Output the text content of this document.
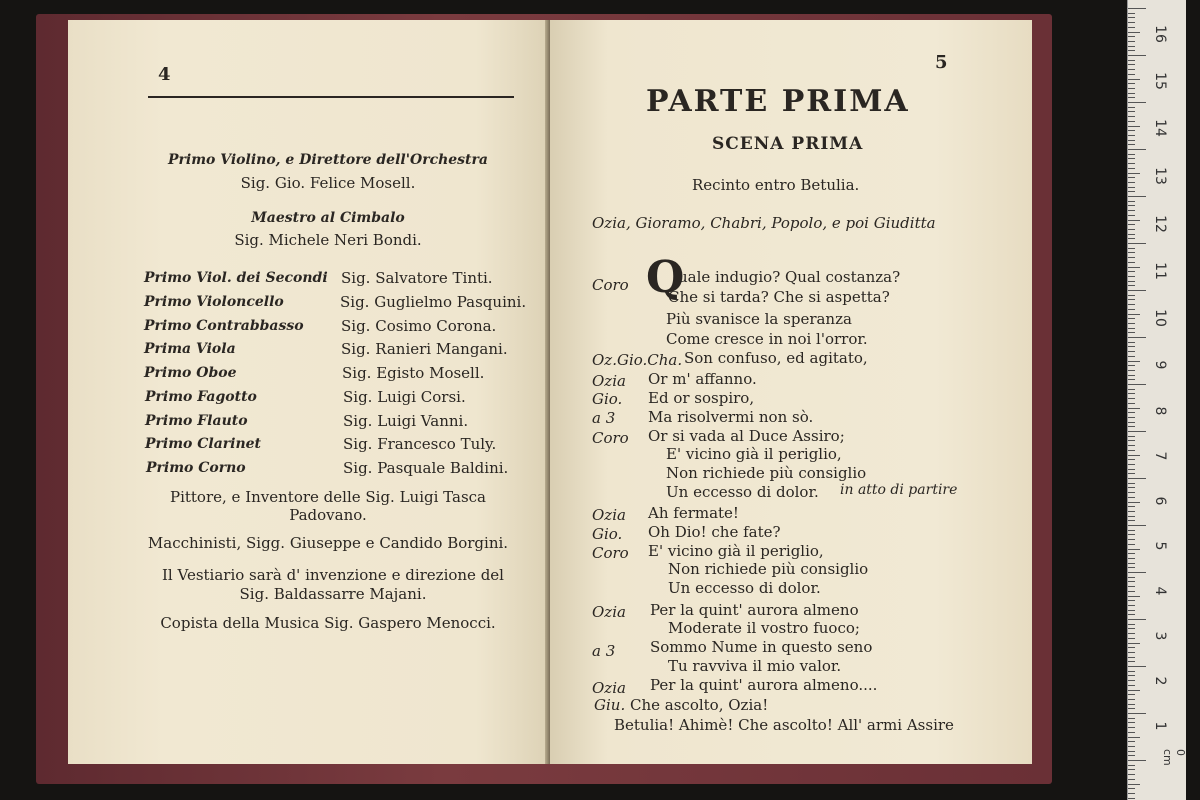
4
Primo Violino, e Direttore dell'Orchestra
Sig. Gio. Felice Mosell.
Maestro al Cimbalo
Sig. Michele Neri Bondi.
Primo Viol. dei Secondi Sig. Salvatore Tinti.
Primo Violoncello	Sig. Guglielmo Pasquini.
Primo Contrabbasso Sig. Cosimo Corona.
Prima Viola	Sig. Ranieri Mangani.
Primo Oboe	Sig. Egisto Mosell.
Primo Fagotto	Sig. Luigi Corsi.
Primo Flauto	Sig. Luigi Vanni.
Primo Clarinet	Sig. Francesco Tuly.
Primo Corno	Sig. Pasquale Baldini.
Pittore, e Inventore delle Sig. Luigi Tasca Padovano.
Macchinisti, Sigg. Giuseppe e Candido Borgini.
Il Vestiario sarà d' invenzione e direzione del Sig. Baldassarre Majani.
Copista della Musica Sig. Gaspero Menocci.
5
PARTE PRIMA
SCENA PRIMA
Recinto entro Betulia.
Ozia, Gioramo, Chabri, Popolo, e poi Giuditta
Q
Coro	uale indugio? Qual costanza?
Che si tarda? Che si aspetta?
Più svanisce la speranza
Come cresce in noi l'orror.
Oz.Gio.Cha. Son confuso, ed agitato,
Ozia Or m' affanno.
Gio. Ed or sospiro,
a 3 Ma risolvermi non sò.
Coro Or si vada al Duce Assiro;
E' vicino già il periglio,
Non richiede più consiglio
Un eccesso di dolor. in atto di partire
Ozia Ah fermate!
Gio. Oh Dio! che fate?
Coro E' vicino già il periglio,
Non richiede più consiglio
Un eccesso di dolor.
Ozia Per la quint' aurora almeno
Moderate il vostro fuoco;
a 3 Sommo Nume in questo seno
Tu ravviva il mio valor.
Ozia Per la quint' aurora almeno....
Giu. Che ascolto, Ozia!
Betulia! Ahimè! Che ascolto! All' armi Assire
0 cm
1
2
3
4
5
6
7
8
9
10
11
12
13
14
15
16
